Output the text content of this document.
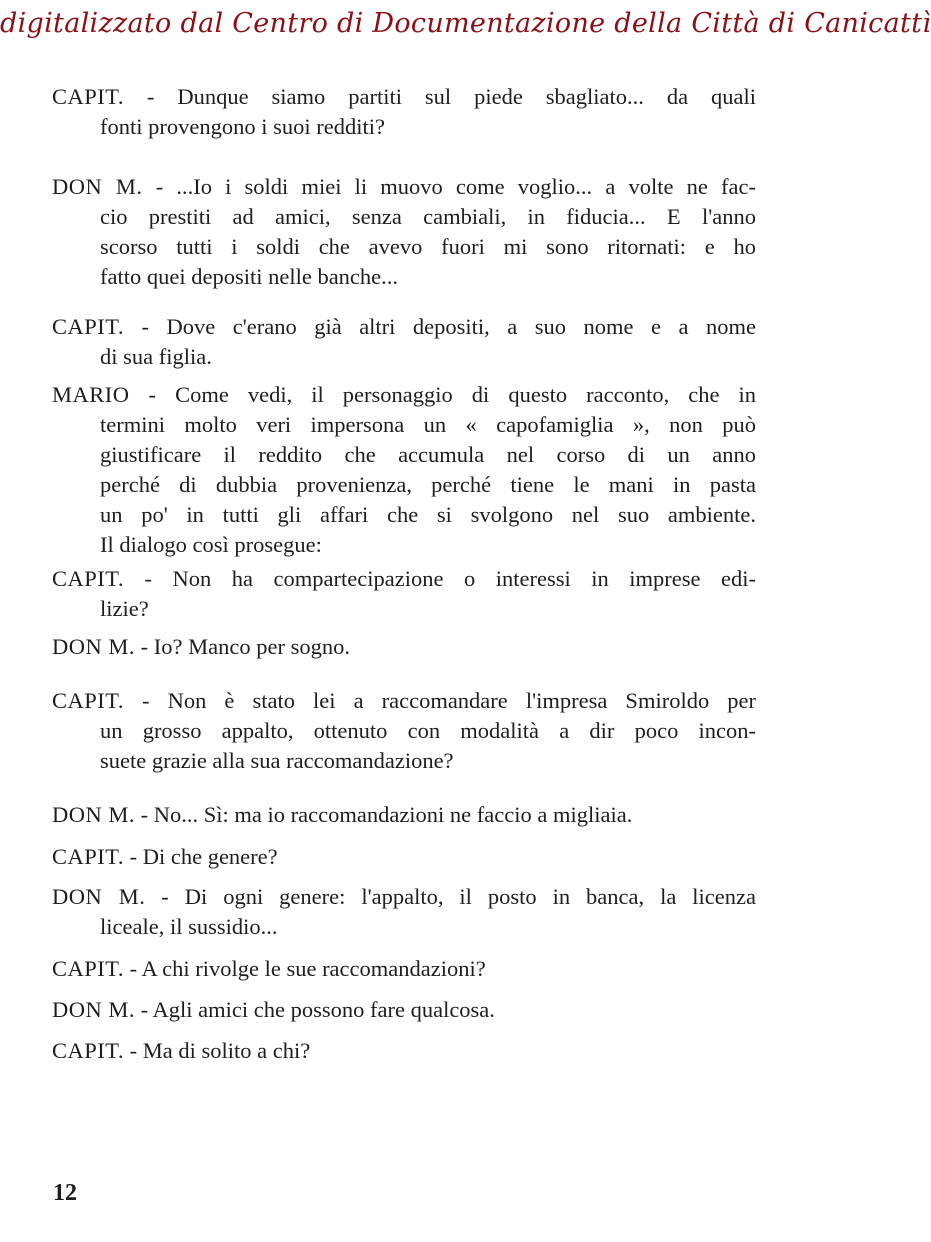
digitalizzato dal Centro di Documentazione della Città di Canicattì
CAPIT. - Dunque siamo partiti sul piede sbagliato... da quali
fonti provengono i suoi redditi?
DON M. - ...Io i soldi miei li muovo come voglio... a volte ne fac-
cio prestiti ad amici, senza cambiali, in fiducia... E l'anno
scorso tutti i soldi che avevo fuori mi sono ritornati: e ho
fatto quei depositi nelle banche...
CAPIT. - Dove c'erano già altri depositi, a suo nome e a nome
di sua figlia.
MARIO - Come vedi, il personaggio di questo racconto, che in
termini molto veri impersona un « capofamiglia », non può
giustificare il reddito che accumula nel corso di un anno
perché di dubbia provenienza, perché tiene le mani in pasta
un po' in tutti gli affari che si svolgono nel suo ambiente.
Il dialogo così prosegue:
CAPIT. - Non ha compartecipazione o interessi in imprese edi-
lizie?
DON M. - Io? Manco per sogno.
CAPIT. - Non è stato lei a raccomandare l'impresa Smiroldo per
un grosso appalto, ottenuto con modalità a dir poco incon-
suete grazie alla sua raccomandazione?
DON M. - No... Sì: ma io raccomandazioni ne faccio a migliaia.
CAPIT. - Di che genere?
DON M. - Di ogni genere: l'appalto, il posto in banca, la licenza
liceale, il sussidio...
CAPIT. - A chi rivolge le sue raccomandazioni?
DON M. - Agli amici che possono fare qualcosa.
CAPIT. - Ma di solito a chi?
12
